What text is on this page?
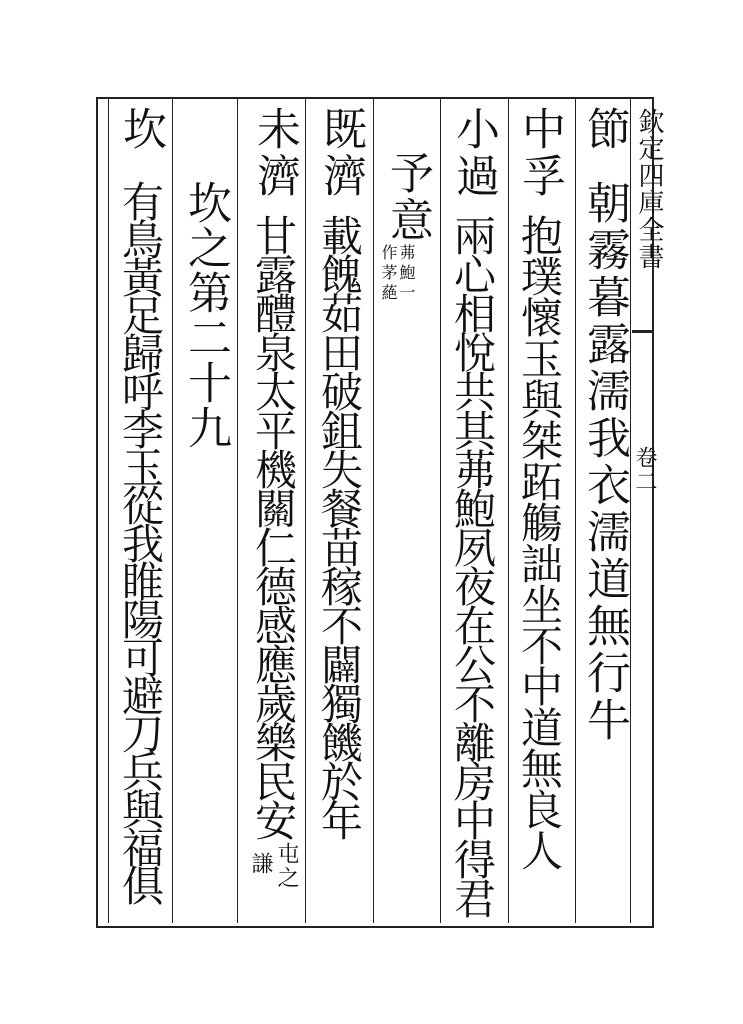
欽定四庫全書
卷二
節
朝霧暮露濡我衣濡道無行牛
中孚
抱璞懷玉與桀跖觴詘坐不中道無良人
小過
兩心相悅共其茀鮑夙夜在公不離房中得君
予意
茀鮑一
作茅蕝
既濟
載餽茹田破鉏失餐苗稼不闢獨饑於年
未濟
甘露醴泉太平機關仁德感應歲樂民安
屯之
謙
坎之第二十九
坎
有鳥黃足歸呼李玉從我睢陽可避刀兵與福俱
